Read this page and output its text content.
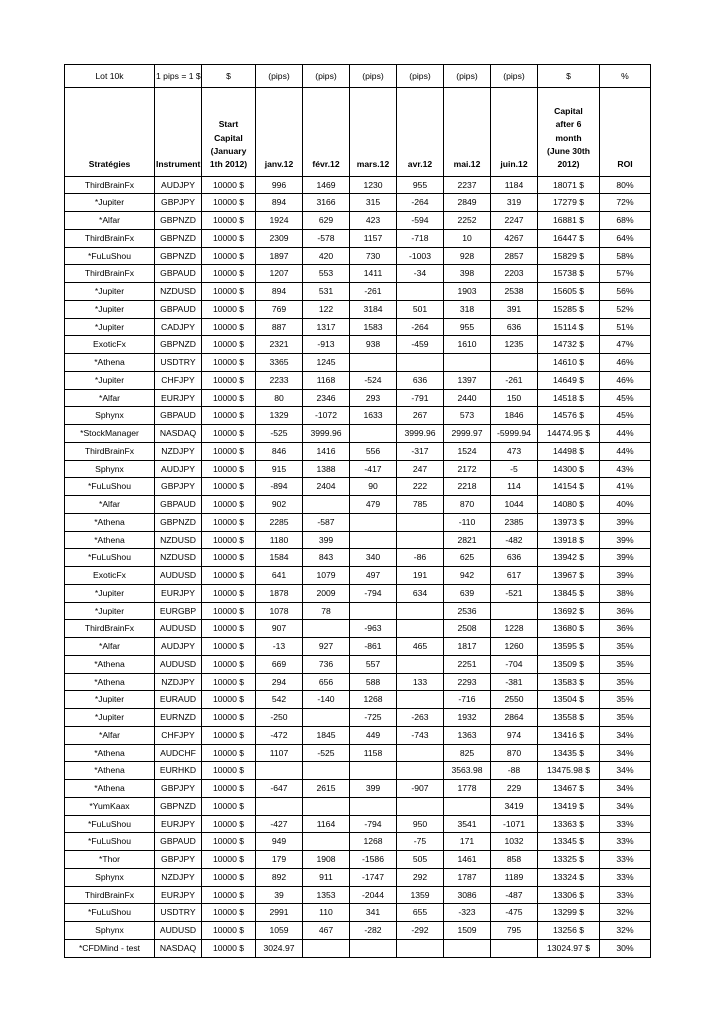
Lot 10k	1 pips = 1 $	$	(pips)	(pips)	(pips)	(pips)	(pips)	(pips)	$	%

Stratégies	Instrument	Start
Capital
(January
1th 2012)	janv.12	févr.12	mars.12	avr.12	mai.12	juin.12	Capital
after 6
month
(June 30th
2012)	ROI
ThirdBrainFx	AUDJPY	10000 $	996	1469	1230	955	2237	1184	18071 $	80%
*Jupiter	GBPJPY	10000 $	894	3166	315	-264	2849	319	17279 $	72%
*Alfar	GBPNZD	10000 $	1924	629	423	-594	2252	2247	16881 $	68%
ThirdBrainFx	GBPNZD	10000 $	2309	-578	1157	-718	10	4267	16447 $	64%
*FuLuShou	GBPNZD	10000 $	1897	420	730	-1003	928	2857	15829 $	58%
ThirdBrainFx	GBPAUD	10000 $	1207	553	1411	-34	398	2203	15738 $	57%
*Jupiter	NZDUSD	10000 $	894	531	-261		1903	2538	15605 $	56%
*Jupiter	GBPAUD	10000 $	769	122	3184	501	318	391	15285 $	52%
*Jupiter	CADJPY	10000 $	887	1317	1583	-264	955	636	15114 $	51%
ExoticFx	GBPNZD	10000 $	2321	-913	938	-459	1610	1235	14732 $	47%
*Athena	USDTRY	10000 $	3365	1245					14610 $	46%
*Jupiter	CHFJPY	10000 $	2233	1168	-524	636	1397	-261	14649 $	46%
*Alfar	EURJPY	10000 $	80	2346	293	-791	2440	150	14518 $	45%
Sphynx	GBPAUD	10000 $	1329	-1072	1633	267	573	1846	14576 $	45%
*StockManager	NASDAQ	10000 $	-525	3999.96		3999.96	2999.97	-5999.94	14474.95 $	44%
ThirdBrainFx	NZDJPY	10000 $	846	1416	556	-317	1524	473	14498 $	44%
Sphynx	AUDJPY	10000 $	915	1388	-417	247	2172	-5	14300 $	43%
*FuLuShou	GBPJPY	10000 $	-894	2404	90	222	2218	114	14154 $	41%
*Alfar	GBPAUD	10000 $	902		479	785	870	1044	14080 $	40%
*Athena	GBPNZD	10000 $	2285	-587			-110	2385	13973 $	39%
*Athena	NZDUSD	10000 $	1180	399			2821	-482	13918 $	39%
*FuLuShou	NZDUSD	10000 $	1584	843	340	-86	625	636	13942 $	39%
ExoticFx	AUDUSD	10000 $	641	1079	497	191	942	617	13967 $	39%
*Jupiter	EURJPY	10000 $	1878	2009	-794	634	639	-521	13845 $	38%
*Jupiter	EURGBP	10000 $	1078	78			2536		13692 $	36%
ThirdBrainFx	AUDUSD	10000 $	907		-963		2508	1228	13680 $	36%
*Alfar	AUDJPY	10000 $	-13	927	-861	465	1817	1260	13595 $	35%
*Athena	AUDUSD	10000 $	669	736	557		2251	-704	13509 $	35%
*Athena	NZDJPY	10000 $	294	656	588	133	2293	-381	13583 $	35%
*Jupiter	EURAUD	10000 $	542	-140	1268		-716	2550	13504 $	35%
*Jupiter	EURNZD	10000 $	-250		-725	-263	1932	2864	13558 $	35%
*Alfar	CHFJPY	10000 $	-472	1845	449	-743	1363	974	13416 $	34%
*Athena	AUDCHF	10000 $	1107	-525	1158		825	870	13435 $	34%
*Athena	EURHKD	10000 $					3563.98	-88	13475.98 $	34%
*Athena	GBPJPY	10000 $	-647	2615	399	-907	1778	229	13467 $	34%
*YumKaax	GBPNZD	10000 $						3419	13419 $	34%
*FuLuShou	EURJPY	10000 $	-427	1164	-794	950	3541	-1071	13363 $	33%
*FuLuShou	GBPAUD	10000 $	949		1268	-75	171	1032	13345 $	33%
*Thor	GBPJPY	10000 $	179	1908	-1586	505	1461	858	13325 $	33%
Sphynx	NZDJPY	10000 $	892	911	-1747	292	1787	1189	13324 $	33%
ThirdBrainFx	EURJPY	10000 $	39	1353	-2044	1359	3086	-487	13306 $	33%
*FuLuShou	USDTRY	10000 $	2991	110	341	655	-323	-475	13299 $	32%
Sphynx	AUDUSD	10000 $	1059	467	-282	-292	1509	795	13256 $	32%
*CFDMind - test	NASDAQ	10000 $	3024.97						13024.97 $	30%
